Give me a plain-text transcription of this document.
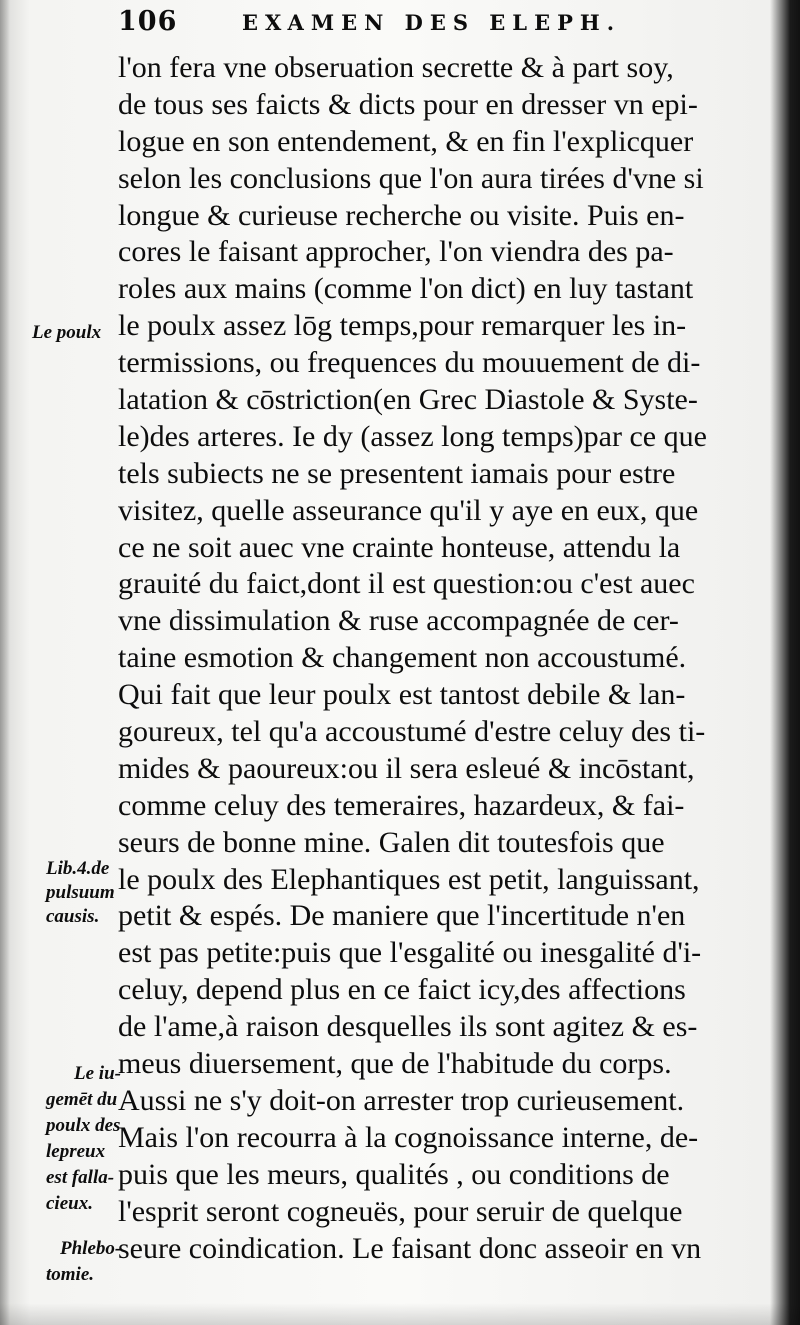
106	EXAMEN DES ELEPH.
l'on fera vne obseruation secrette & à part soy,
de tous ses faicts & dicts pour en dresser vn epi-
logue en son entendement, & en fin l'explicquer
selon les conclusions que l'on aura tirées d'vne si
longue & curieuse recherche ou visite. Puis en-
cores le faisant approcher, l'on viendra des pa-
roles aux mains (comme l'on dict) en luy tastant
le poulx assez lōg temps,pour remarquer les in-
termissions, ou frequences du mouuement de di-
latation & cōstriction(en Grec Diastole & Syste-
le)des arteres. Ie dy (assez long temps)par ce que
tels subiects ne se presentent iamais pour estre
visitez, quelle asseurance qu'il y aye en eux, que
ce ne soit auec vne crainte honteuse, attendu la
grauité du faict,dont il est question:ou c'est auec
vne dissimulation & ruse accompagnée de cer-
taine esmotion & changement non accoustumé.
Qui fait que leur poulx est tantost debile & lan-
goureux, tel qu'a accoustumé d'estre celuy des ti-
mides & paoureux:ou il sera esleué & incōstant,
comme celuy des temeraires, hazardeux, & fai-
seurs de bonne mine. Galen dit toutesfois que
le poulx des Elephantiques est petit, languissant,
petit & espés. De maniere que l'incertitude n'en
est pas petite:puis que l'esgalité ou inesgalité d'i-
celuy, depend plus en ce faict icy,des affections
de l'ame,à raison desquelles ils sont agitez & es-
meus diuersement, que de l'habitude du corps.
Aussi ne s'y doit-on arrester trop curieusement.
Mais l'on recourra à la cognoissance interne, de-
puis que les meurs, qualités , ou conditions de
l'esprit seront cogneuës, pour seruir de quelque
seure coindication. Le faisant donc asseoir en vn
Le poulx
Lib.4.de
pulsuum
causis.
Le iu-
gemēt du
poulx des
lepreux
est falla-
cieux.
Phlebo-
tomie.
